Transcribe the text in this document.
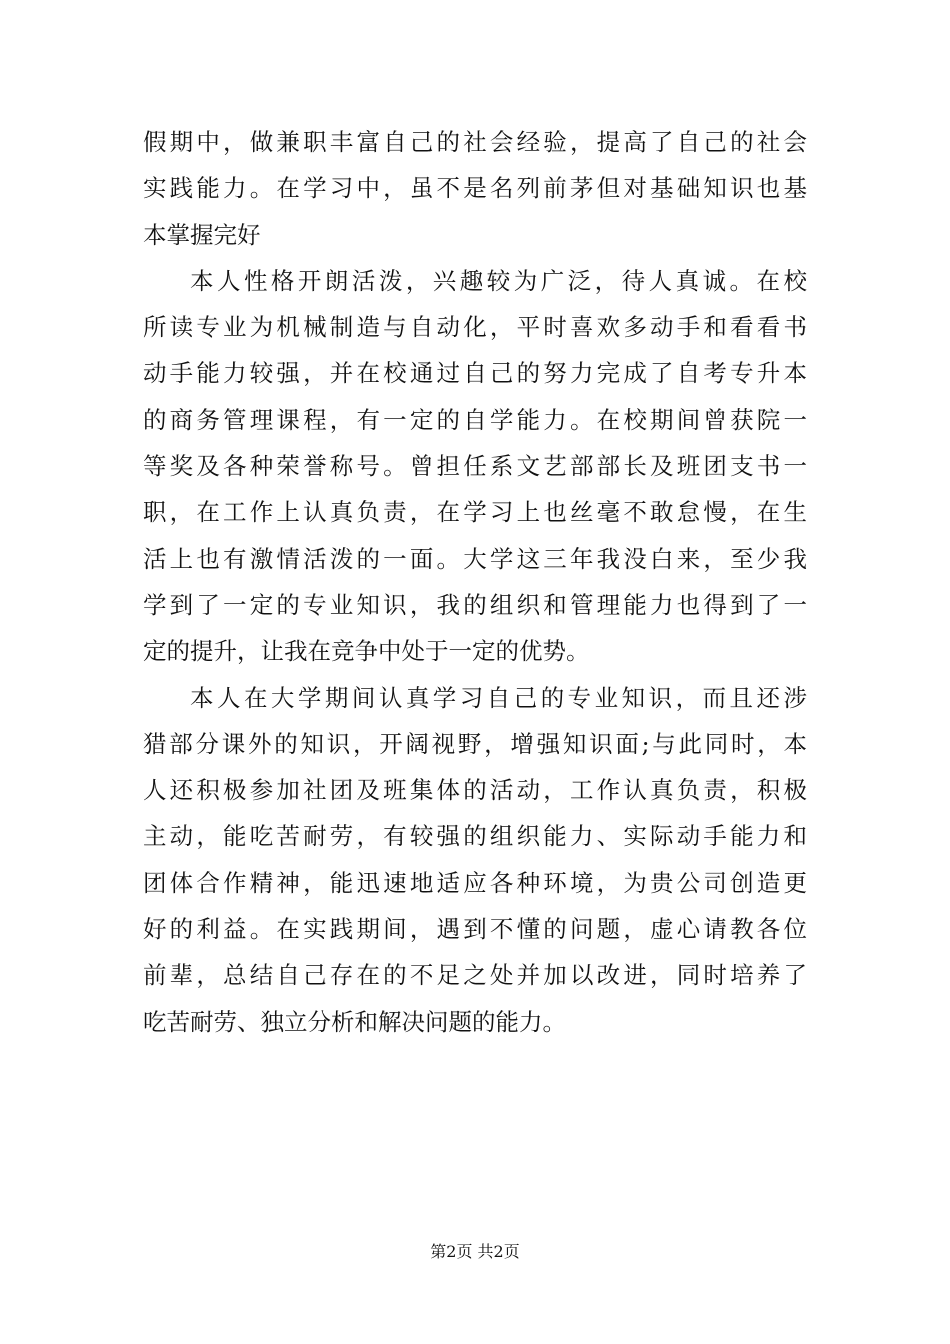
假期中，做兼职丰富自己的社会经验，提高了自己的社会
实践能力。在学习中，虽不是名列前茅但对基础知识也基
本掌握完好
本人性格开朗活泼，兴趣较为广泛，待人真诚。在校
所读专业为机械制造与自动化，平时喜欢多动手和看看书
动手能力较强，并在校通过自己的努力完成了自考专升本
的商务管理课程，有一定的自学能力。在校期间曾获院一
等奖及各种荣誉称号。曾担任系文艺部部长及班团支书一
职，在工作上认真负责，在学习上也丝毫不敢怠慢，在生
活上也有激情活泼的一面。大学这三年我没白来，至少我
学到了一定的专业知识，我的组织和管理能力也得到了一
定的提升，让我在竞争中处于一定的优势。
本人在大学期间认真学习自己的专业知识，而且还涉
猎部分课外的知识，开阔视野，增强知识面;与此同时，本
人还积极参加社团及班集体的活动，工作认真负责，积极
主动，能吃苦耐劳，有较强的组织能力、实际动手能力和
团体合作精神，能迅速地适应各种环境，为贵公司创造更
好的利益。在实践期间，遇到不懂的问题，虚心请教各位
前辈，总结自己存在的不足之处并加以改进，同时培养了
吃苦耐劳、独立分析和解决问题的能力。
第2页 共2页
